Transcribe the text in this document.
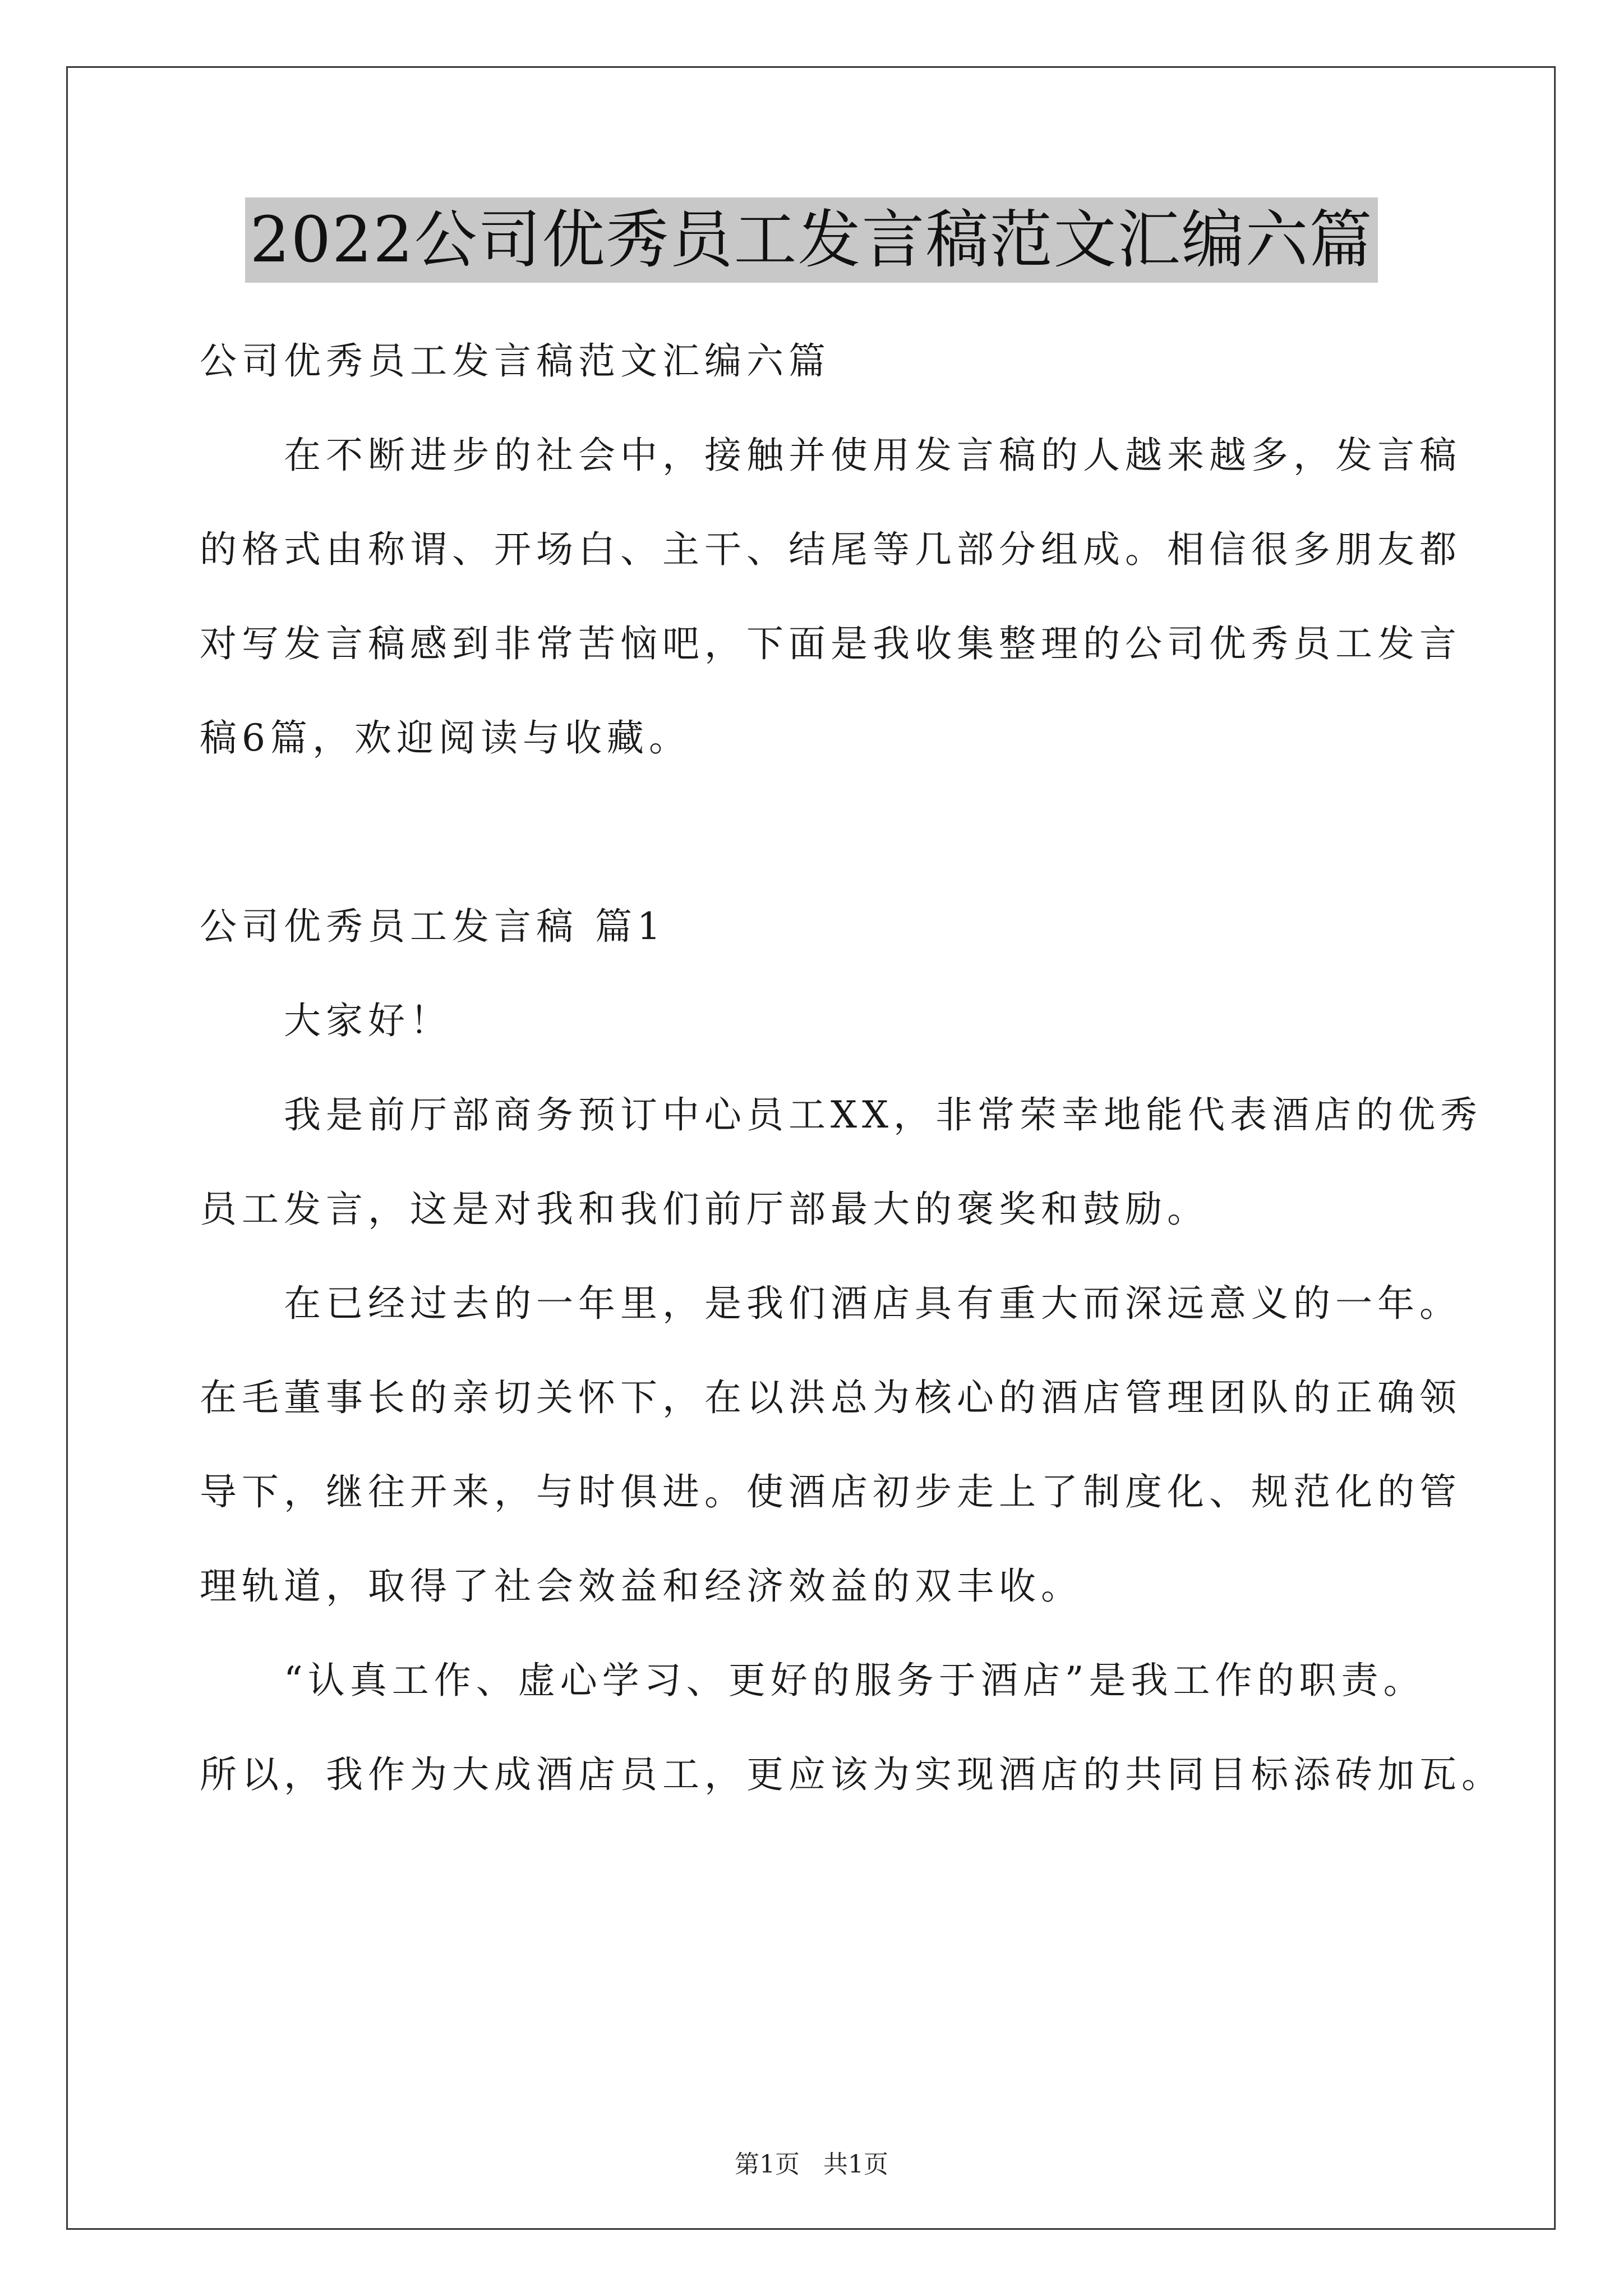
2022公司优秀员工发言稿范文汇编六篇
公司优秀员工发言稿范文汇编六篇
在不断进步的社会中，接触并使用发言稿的人越来越多，发言稿
的格式由称谓、开场白、主干、结尾等几部分组成。相信很多朋友都
对写发言稿感到非常苦恼吧，下面是我收集整理的公司优秀员工发言
稿6篇，欢迎阅读与收藏。
公司优秀员工发言稿 篇1
大家好！
我是前厅部商务预订中心员工XX，非常荣幸地能代表酒店的优秀
员工发言，这是对我和我们前厅部最大的褒奖和鼓励。
在已经过去的一年里，是我们酒店具有重大而深远意义的一年。
在毛董事长的亲切关怀下，在以洪总为核心的酒店管理团队的正确领
导下，继往开来，与时俱进。使酒店初步走上了制度化、规范化的管
理轨道，取得了社会效益和经济效益的双丰收。
“认真工作、虚心学习、更好的服务于酒店”是我工作的职责。
所以，我作为大成酒店员工，更应该为实现酒店的共同目标添砖加瓦。
第1页 共1页
